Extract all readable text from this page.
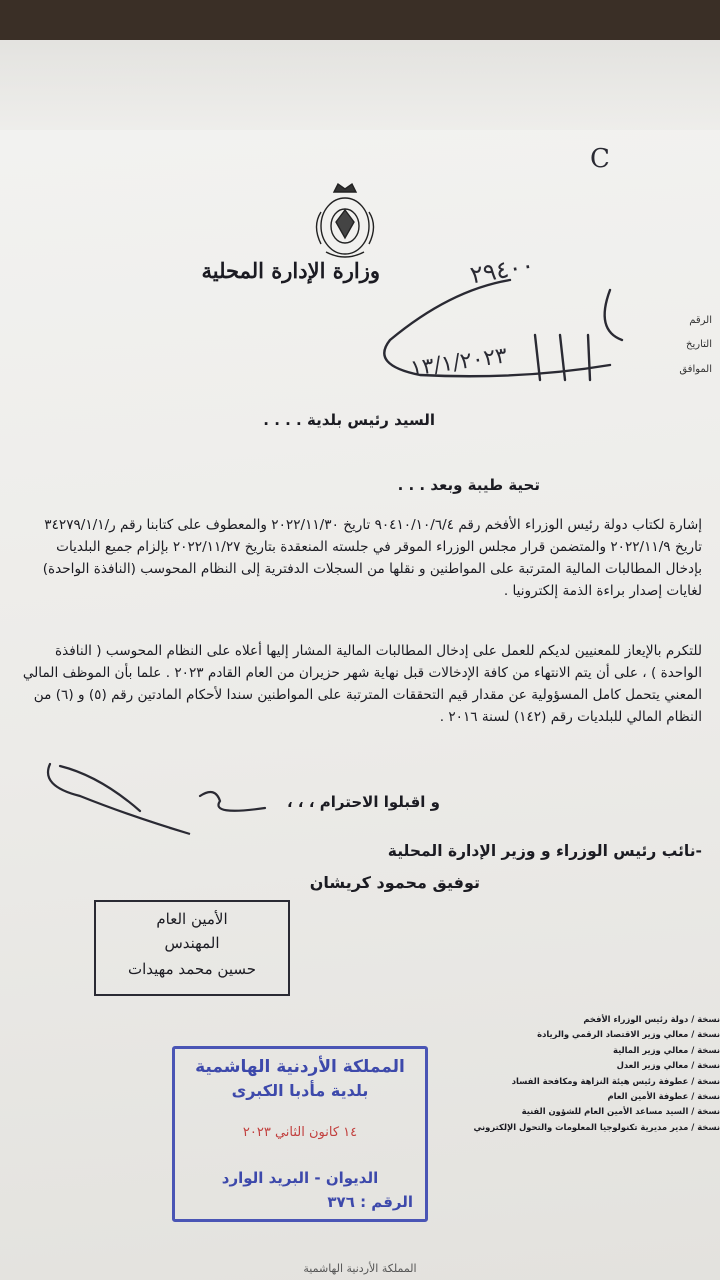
وزارة الإدارة المحلية
الرقم
التاريخ
الموافق
C
٢٩٤٠٠
١٣/١/٢٠٢٣
السيد رئيس بلدية . . . .
تحية طيبة وبعد . . .
إشارة لكتاب دولة رئيس الوزراء الأفخم رقم ٩٠٤١٠/١٠/٦/٤ تاريخ ٢٠٢٢/١١/٣٠ والمعطوف على كتابنا رقم ر/٣٤٢٧٩/١/١ تاريخ ٢٠٢٢/١١/٩ والمتضمن قرار مجلس الوزراء الموقر في جلسته المنعقدة بتاريخ ٢٠٢٢/١١/٢٧ بإلزام جميع البلديات بإدخال المطالبات المالية المترتبة على المواطنين و نقلها من السجلات الدفترية إلى النظام المحوسب (النافذة الواحدة) لغايات إصدار براءة الذمة إلكترونيا .
للتكرم بالإيعاز للمعنيين لديكم للعمل على إدخال المطالبات المالية المشار إليها أعلاه على النظام المحوسب ( النافذة الواحدة ) ، على أن يتم الانتهاء من كافة الإدخالات قبل نهاية شهر حزيران من العام القادم ٢٠٢٣ . علما بأن الموظف المالي المعني يتحمل كامل المسؤولية عن مقدار قيم التحققات المترتبة على المواطنين سندا لأحكام المادتين رقم (٥) و (٦) من النظام المالي للبلديات رقم (١٤٢) لسنة ٢٠١٦ .
و اقبلوا الاحترام ، ، ،
-نائب رئيس الوزراء و وزير الإدارة المحلية
توفيق محمود كريشان
الأمين العام
المهندس
حسين محمد مهيدات
نسخة / دولة رئيس الوزراء الأفخم
نسخة / معالي وزير الاقتصاد الرقمي والريادة
نسخة / معالي وزير المالية
نسخة / معالي وزير العدل
نسخة / عطوفة رئيس هيئة النزاهة ومكافحة الفساد
نسخة / عطوفة الأمين العام
نسخة / السيد مساعد الأمين العام للشؤون الفنية
نسخة / مدير مديرية تكنولوجيا المعلومات والتحول الإلكتروني
المملكة الأردنية الهاشمية
بلدية مأدبا الكبرى
١٤ كانون الثاني ٢٠٢٣
الديوان - البريد الوارد
الرقم : ٣٧٦
المملكة الأردنية الهاشمية
